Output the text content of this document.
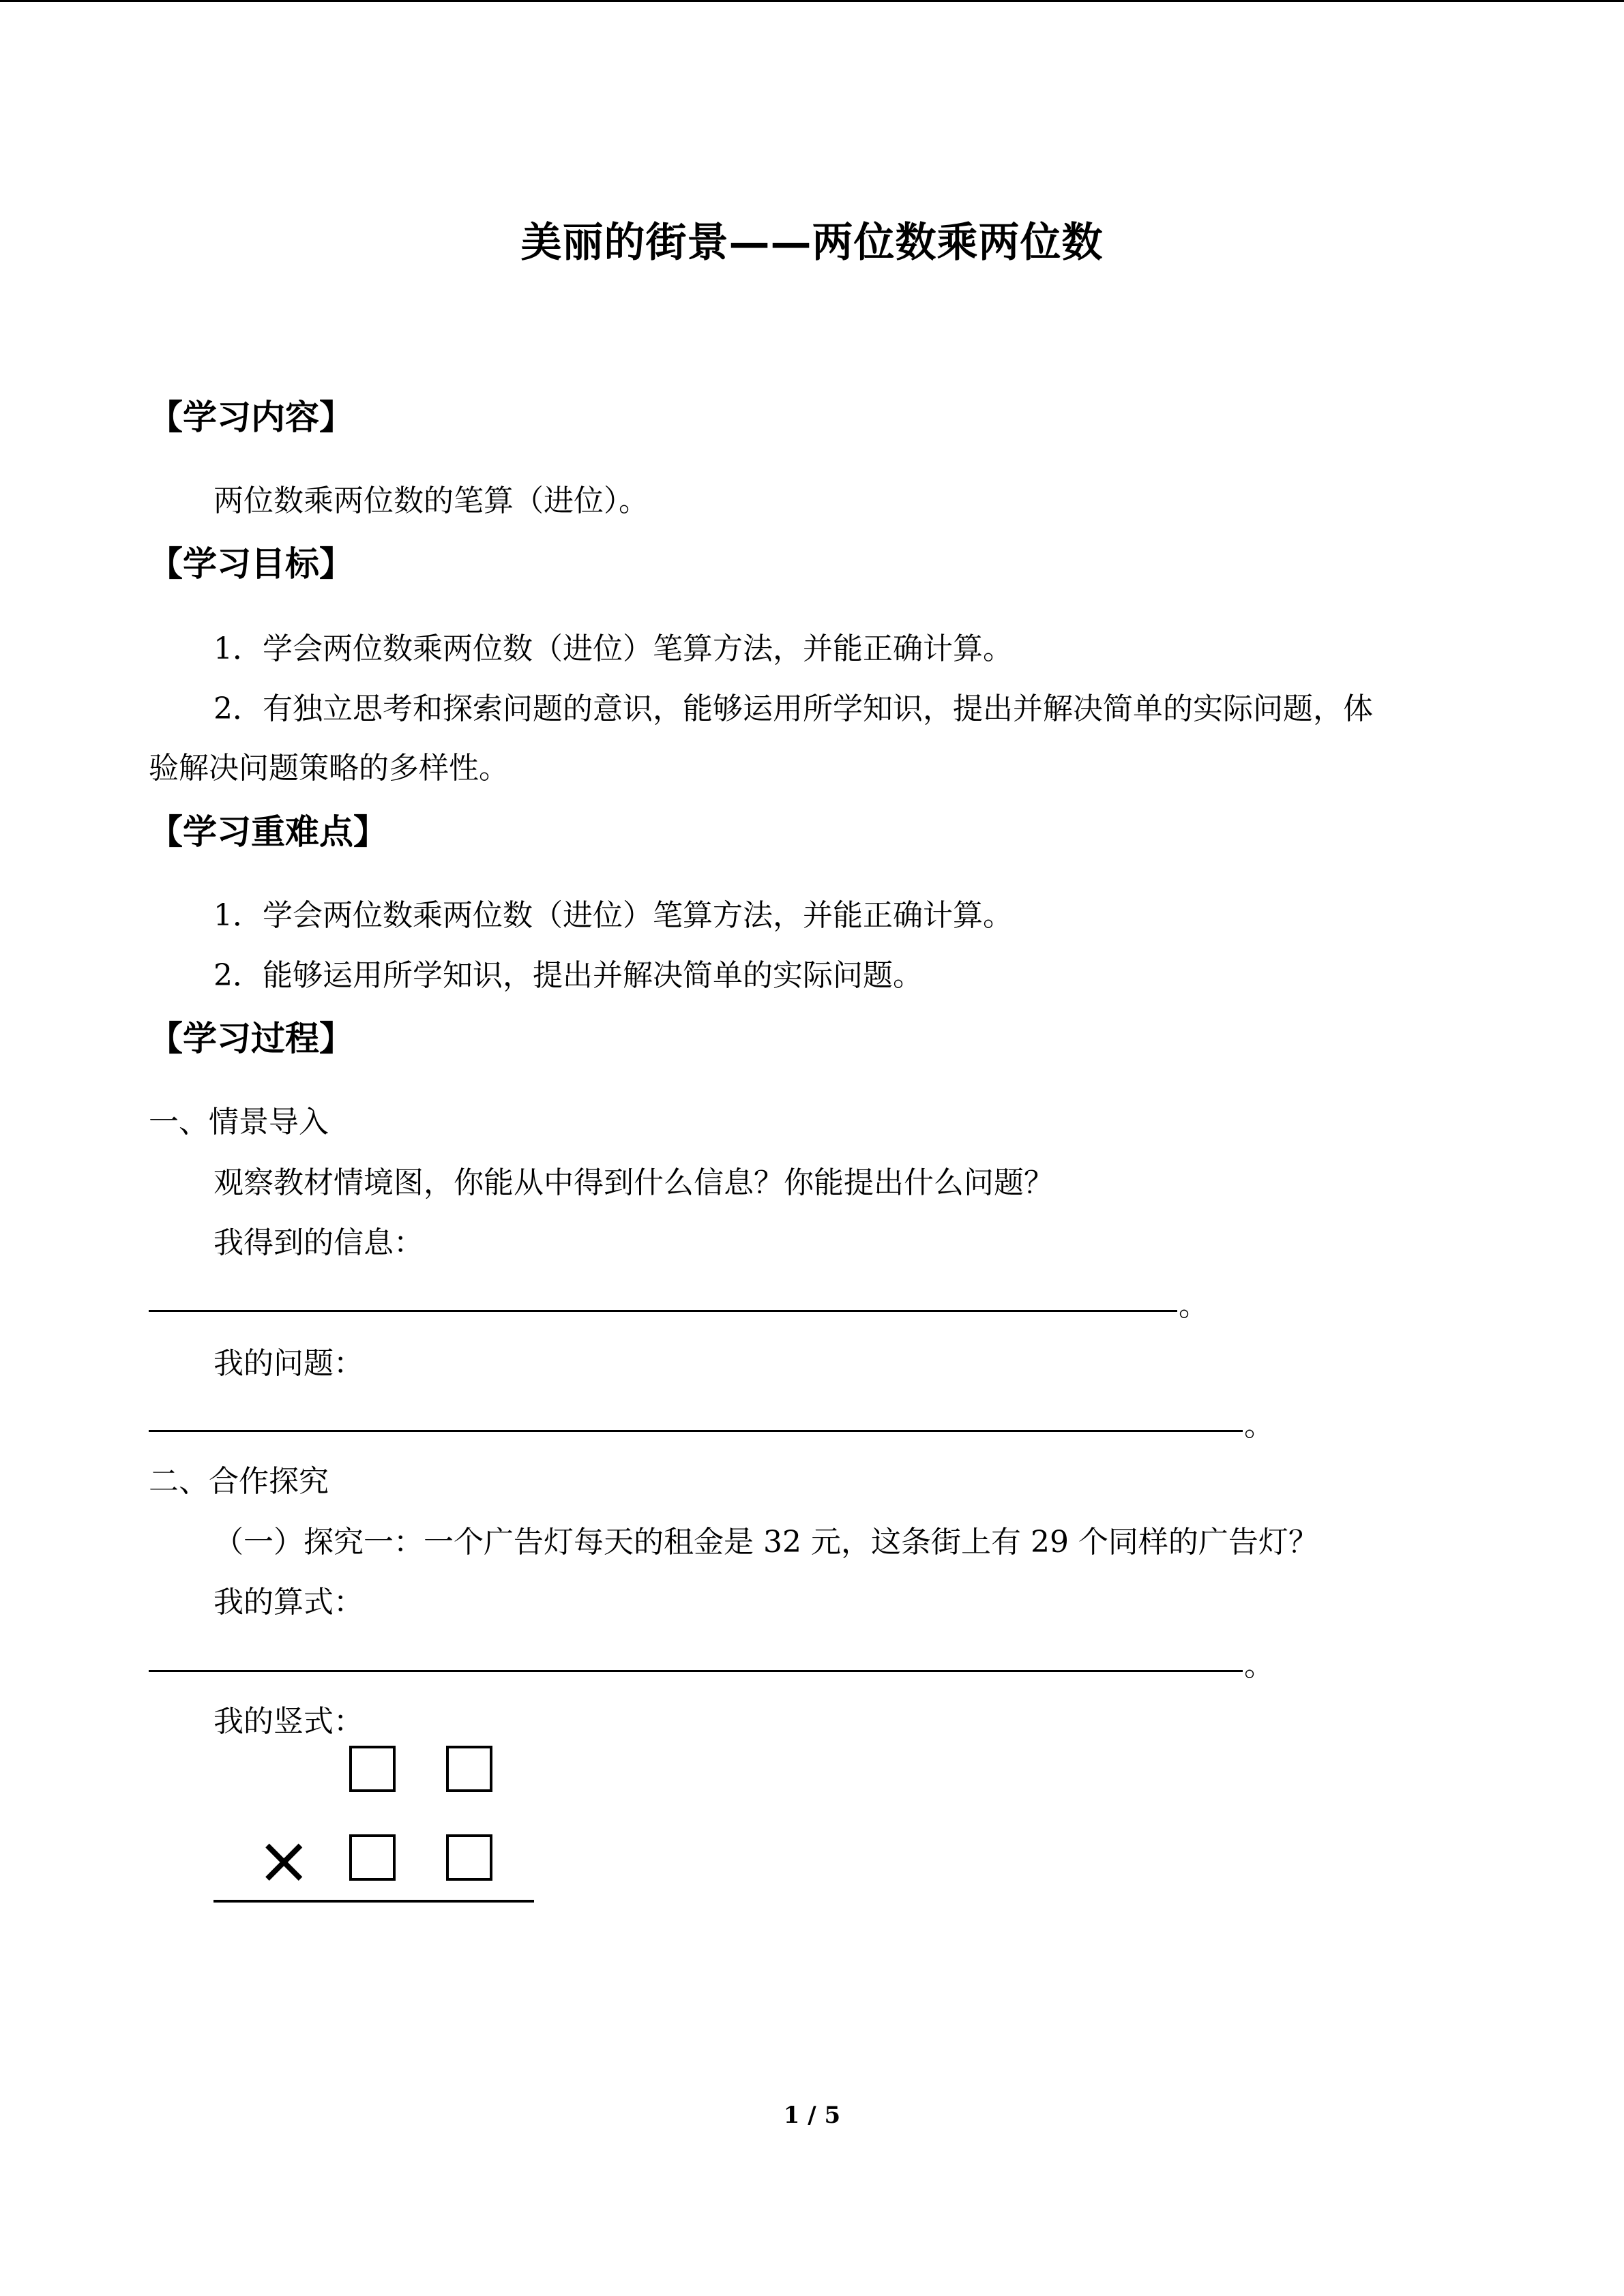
美丽的街景——两位数乘两位数
【学习内容】
两位数乘两位数的笔算（进位）。
【学习目标】
1．学会两位数乘两位数（进位）笔算方法，并能正确计算。
2．有独立思考和探索问题的意识，能够运用所学知识，提出并解决简单的实际问题，体
验解决问题策略的多样性。
【学习重难点】
1．学会两位数乘两位数（进位）笔算方法，并能正确计算。
2．能够运用所学知识，提出并解决简单的实际问题。
【学习过程】
一、情景导入
观察教材情境图，你能从中得到什么信息？你能提出什么问题？
我得到的信息：
。
我的问题：
。
二、合作探究
（一）探究一：一个广告灯每天的租金是 32 元，这条街上有 29 个同样的广告灯？
我的算式：
。
我的竖式：
×
1 / 5
